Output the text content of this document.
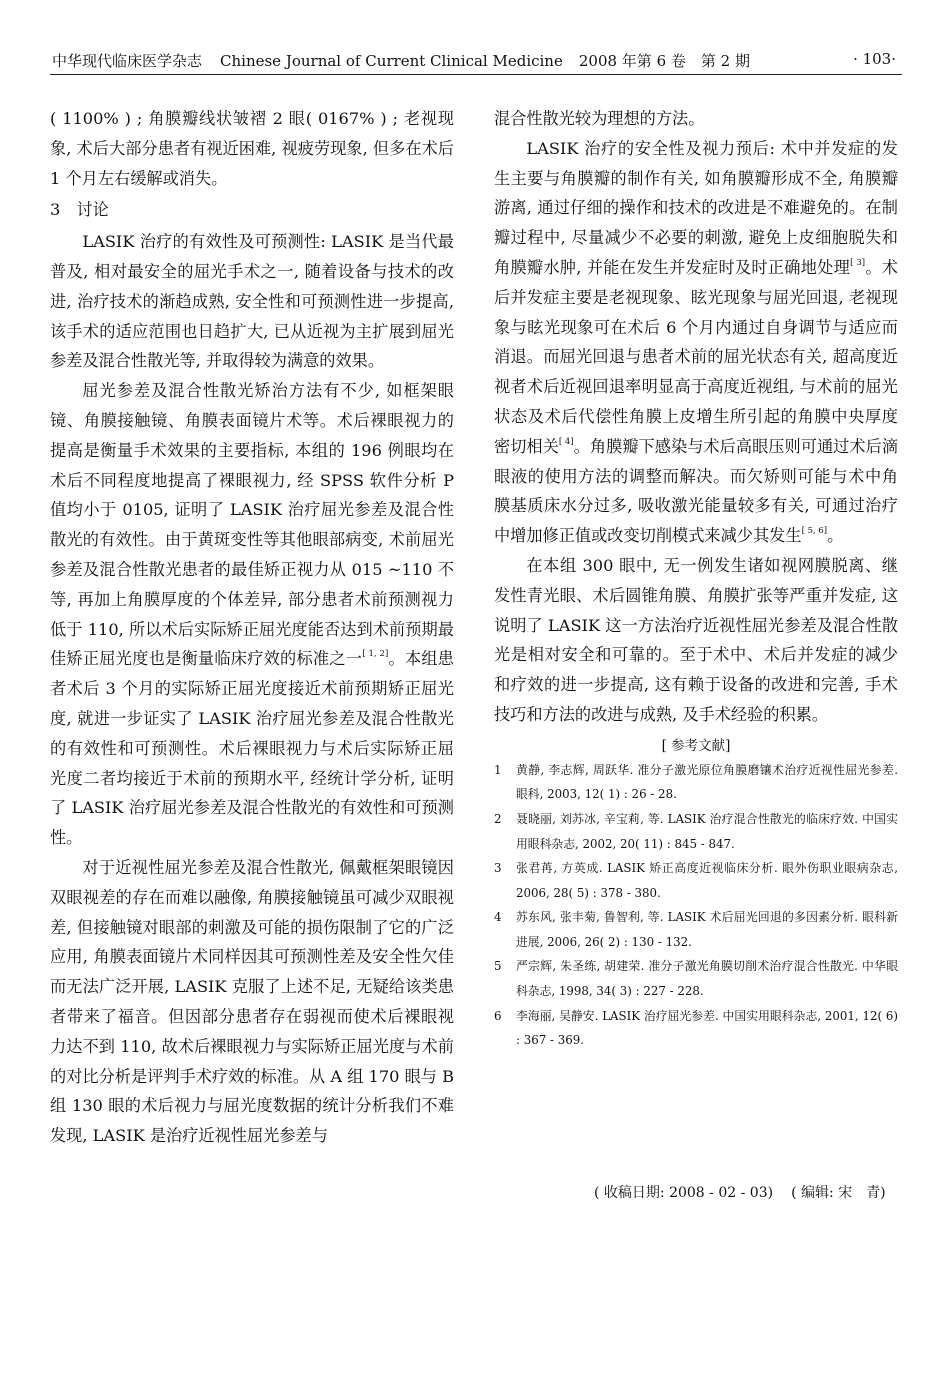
中华现代临床医学杂志 Chinese Journal of Current Clinical Medicine 2008 年第 6 卷　第 2 期	· 103·

( 1100% ) ; 角膜瓣线状皱褶 2 眼( 0167% ) ; 老视现象, 术后大部分患者有视近困难, 视疲劳现象, 但多在术后 1 个月左右缓解或消失。

3　讨论

LASIK 治疗的有效性及可预测性: LASIK 是当代最普及, 相对最安全的屈光手术之一, 随着设备与技术的改进, 治疗技术的渐趋成熟, 安全性和可预测性进一步提高, 该手术的适应范围也日趋扩大, 已从近视为主扩展到屈光参差及混合性散光等, 并取得较为满意的效果。

屈光参差及混合性散光矫治方法有不少, 如框架眼镜、角膜接触镜、角膜表面镜片术等。术后裸眼视力的提高是衡量手术效果的主要指标, 本组的 196 例眼均在术后不同程度地提高了裸眼视力, 经 SPSS 软件分析 P 值均小于 0105, 证明了 LASIK 治疗屈光参差及混合性散光的有效性。由于黄斑变性等其他眼部病变, 术前屈光参差及混合性散光患者的最佳矫正视力从 015 ~110 不等, 再加上角膜厚度的个体差异, 部分患者术前预测视力低于 110, 所以术后实际矫正屈光度能否达到术前预期最佳矫正屈光度也是衡量临床疗效的标准之一[ 1, 2]。本组患者术后 3 个月的实际矫正屈光度接近术前预期矫正屈光度, 就进一步证实了 LASIK 治疗屈光参差及混合性散光的有效性和可预测性。术后裸眼视力与术后实际矫正屈光度二者均接近于术前的预期水平, 经统计学分析, 证明了 LASIK 治疗屈光参差及混合性散光的有效性和可预测性。

对于近视性屈光参差及混合性散光, 佩戴框架眼镜因双眼视差的存在而难以融像, 角膜接触镜虽可减少双眼视差, 但接触镜对眼部的刺激及可能的损伤限制了它的广泛应用, 角膜表面镜片术同样因其可预测性差及安全性欠佳而无法广泛开展, LASIK 克服了上述不足, 无疑给该类患者带来了福音。但因部分患者存在弱视而使术后裸眼视力达不到 110, 故术后裸眼视力与实际矫正屈光度与术前的对比分析是评判手术疗效的标准。从 A 组 170 眼与 B 组 130 眼的术后视力与屈光度数据的统计分析我们不难发现, LASIK 是治疗近视性屈光参差与

混合性散光较为理想的方法。

LASIK 治疗的安全性及视力预后: 术中并发症的发生主要与角膜瓣的制作有关, 如角膜瓣形成不全, 角膜瓣游离, 通过仔细的操作和技术的改进是不难避免的。在制瓣过程中, 尽量减少不必要的刺激, 避免上皮细胞脱失和角膜瓣水肿, 并能在发生并发症时及时正确地处理[ 3]。术后并发症主要是老视现象、眩光现象与屈光回退, 老视现象与眩光现象可在术后 6 个月内通过自身调节与适应而消退。而屈光回退与患者术前的屈光状态有关, 超高度近视者术后近视回退率明显高于高度近视组, 与术前的屈光状态及术后代偿性角膜上皮增生所引起的角膜中央厚度密切相关[ 4]。角膜瓣下感染与术后高眼压则可通过术后滴眼液的使用方法的调整而解决。而欠矫则可能与术中角膜基质床水分过多, 吸收激光能量较多有关, 可通过治疗中增加修正值或改变切削模式来减少其发生[ 5, 6]。

在本组 300 眼中, 无一例发生诸如视网膜脱离、继发性青光眼、术后圆锥角膜、角膜扩张等严重并发症, 这说明了 LASIK 这一方法治疗近视性屈光参差及混合性散光是相对安全和可靠的。至于术中、术后并发症的减少和疗效的进一步提高, 这有赖于设备的改进和完善, 手术技巧和方法的改进与成熟, 及手术经验的积累。

[ 参考文献]
1 黄静, 李志辉, 周跃华. 准分子激光原位角膜磨镶术治疗近视性屈光参差. 眼科, 2003, 12( 1) : 26 - 28.
2 聂晓丽, 刘苏冰, 辛宝莉, 等. LASIK 治疗混合性散光的临床疗效. 中国实用眼科杂志, 2002, 20( 11) : 845 - 847.
3 张君苒, 方英成. LASIK 矫正高度近视临床分析. 眼外伤职业眼病杂志, 2006, 28( 5) : 378 - 380.
4 苏东风, 张丰菊, 鲁智利, 等. LASIK 术后屈光回退的多因素分析. 眼科新进展, 2006, 26( 2) : 130 - 132.
5 严宗辉, 朱圣练, 胡建荣. 准分子激光角膜切削术治疗混合性散光. 中华眼科杂志, 1998, 34( 3) : 227 - 228.
6 李海丽, 吴静安. LASIK 治疗屈光参差. 中国实用眼科杂志, 2001, 12( 6) : 367 - 369.
( 收稿日期: 2008 - 02 - 03) ( 编辑: 宋　青)
